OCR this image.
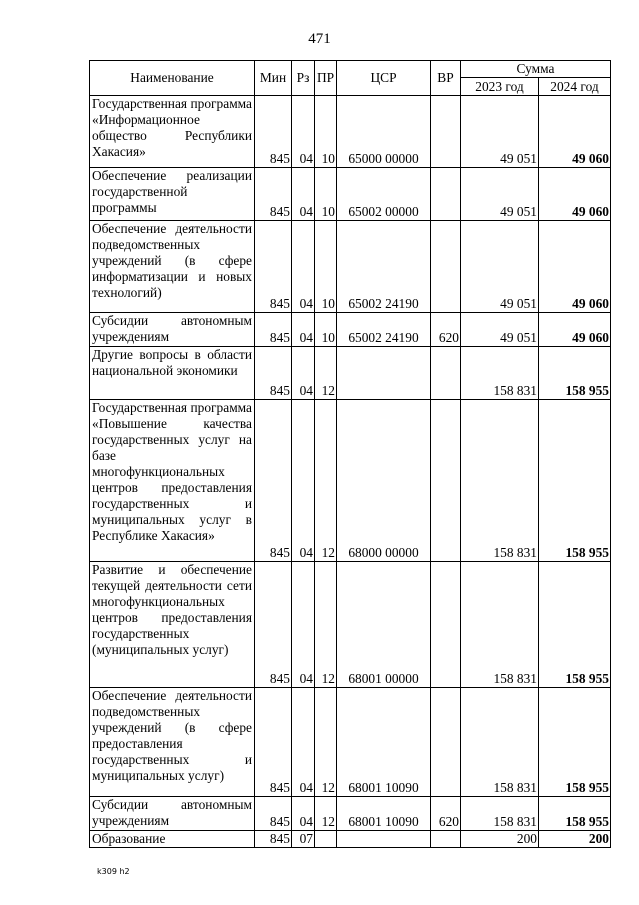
471
Наименование	Мин	Рз	ПР	ЦСР	ВР	Сумма	
						2023 год	2024 год
Государственная программа «Информационное общество Республики Хакасия»	845	04	10	65000 00000		49 051	49 060
Обеспечение реализации государственной программы	845	04	10	65002 00000		49 051	49 060
Обеспечение деятельности подведомственных учреждений (в сфере информатизации и новых технологий)	845	04	10	65002 24190		49 051	49 060
Субсидии автономным учреждениям	845	04	10	65002 24190	620	49 051	49 060
Другие вопросы в области национальной экономики	845	04	12			158 831	158 955
Государственная программа «Повышение качества государственных услуг на базе многофункциональных центров предоставления государственных и муниципальных услуг в Республике Хакасия»	845	04	12	68000 00000		158 831	158 955
Развитие и обеспечение текущей деятельности сети многофункциональных центров предоставления государственных (муниципальных услуг)	845	04	12	68001 00000		158 831	158 955
Обеспечение деятельности подведомственных учреждений (в сфере предоставления государственных и муниципальных услуг)	845	04	12	68001 10090		158 831	158 955
Субсидии автономным учреждениям	845	04	12	68001 10090	620	158 831	158 955
Образование	845	07				200	200
k309 h2
